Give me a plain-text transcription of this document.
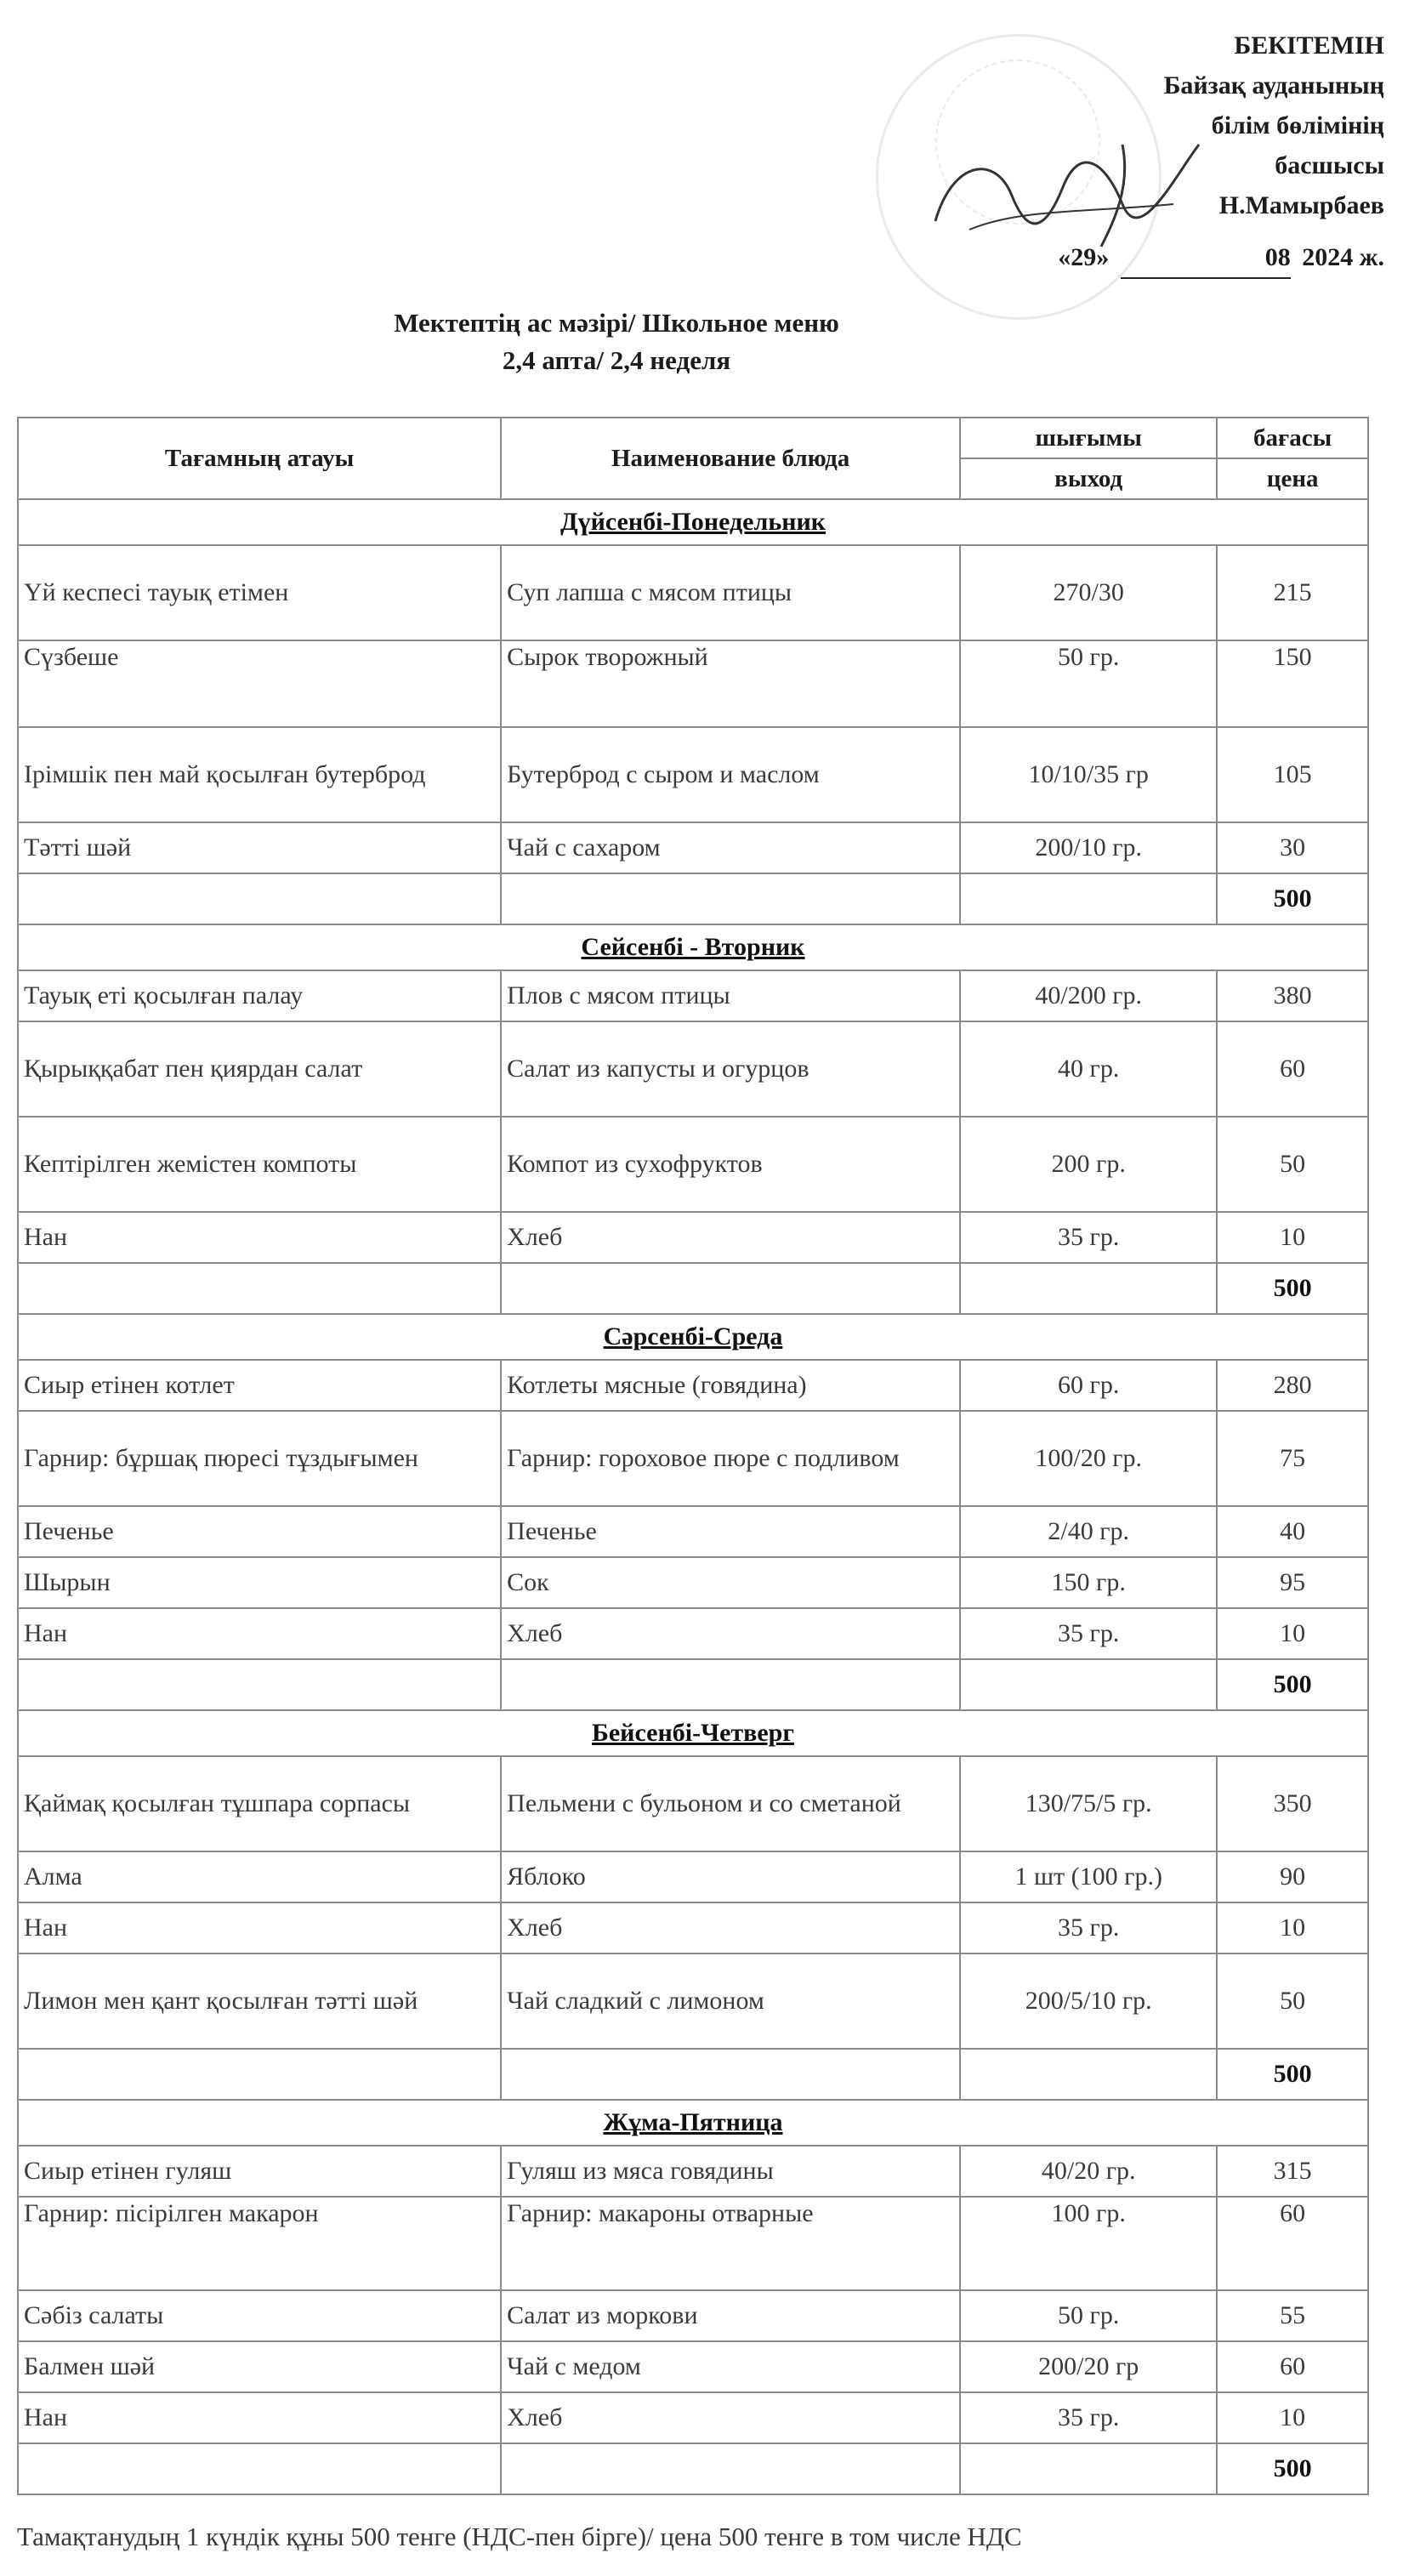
БЕКІТЕМІН
Байзақ ауданының
білім бөлімінің
басшысы
Н.Мамырбаев
«29»	08 2024 ж.
Мектептің ас мәзірі/ Школьное меню
2,4 апта/ 2,4 неделя
Тағамның атауы	Наименование блюда	шығымы	бағасы
		выход	цена
Дүйсенбі-Понедельник			
Үй кеспесі тауық етімен	Суп лапша с мясом птицы	270/30	215
Сүзбеше	Сырок творожный	50 гр.	150
Ірімшік пен май қосылған бутерброд	Бутерброд с сыром и маслом	10/10/35 гр	105
Тәтті шәй	Чай с сахаром	200/10 гр.	30
			500
Сейсенбі - Вторник			
Тауық еті қосылған палау	Плов с мясом птицы	40/200 гр.	380
Қырыққабат пен қиярдан салат	Салат из капусты и огурцов	40 гр.	60
Кептірілген жемістен компоты	Компот из сухофруктов	200 гр.	50
Нан	Хлеб	35 гр.	10
			500
Сәрсенбі-Среда			
Сиыр етінен котлет	Котлеты мясные (говядина)	60 гр.	280
Гарнир: бұршақ пюресі тұздығымен	Гарнир: гороховое пюре с подливом	100/20 гр.	75
Печенье	Печенье	2/40 гр.	40
Шырын	Сок	150 гр.	95
Нан	Хлеб	35 гр.	10
			500
Бейсенбі-Четверг			
Қаймақ қосылған тұшпара сорпасы	Пельмени с бульоном и со сметаной	130/75/5 гр.	350
Алма	Яблоко	1 шт (100 гр.)	90
Нан	Хлеб	35 гр.	10
Лимон мен қант қосылған тәтті шәй	Чай сладкий с лимоном	200/5/10 гр.	50
			500
Жұма-Пятница			
Сиыр етінен гуляш	Гуляш из мяса говядины	40/20 гр.	315
Гарнир: пісірілген макарон	Гарнир: макароны отварные	100 гр.	60
Сәбіз салаты	Салат из моркови	50 гр.	55
Балмен шәй	Чай с медом	200/20 гр	60
Нан	Хлеб	35 гр.	10
			500
Тамақтанудың 1 күндік құны 500 тенге (НДС-пен бірге)/ цена 500 тенге в том числе НДС
